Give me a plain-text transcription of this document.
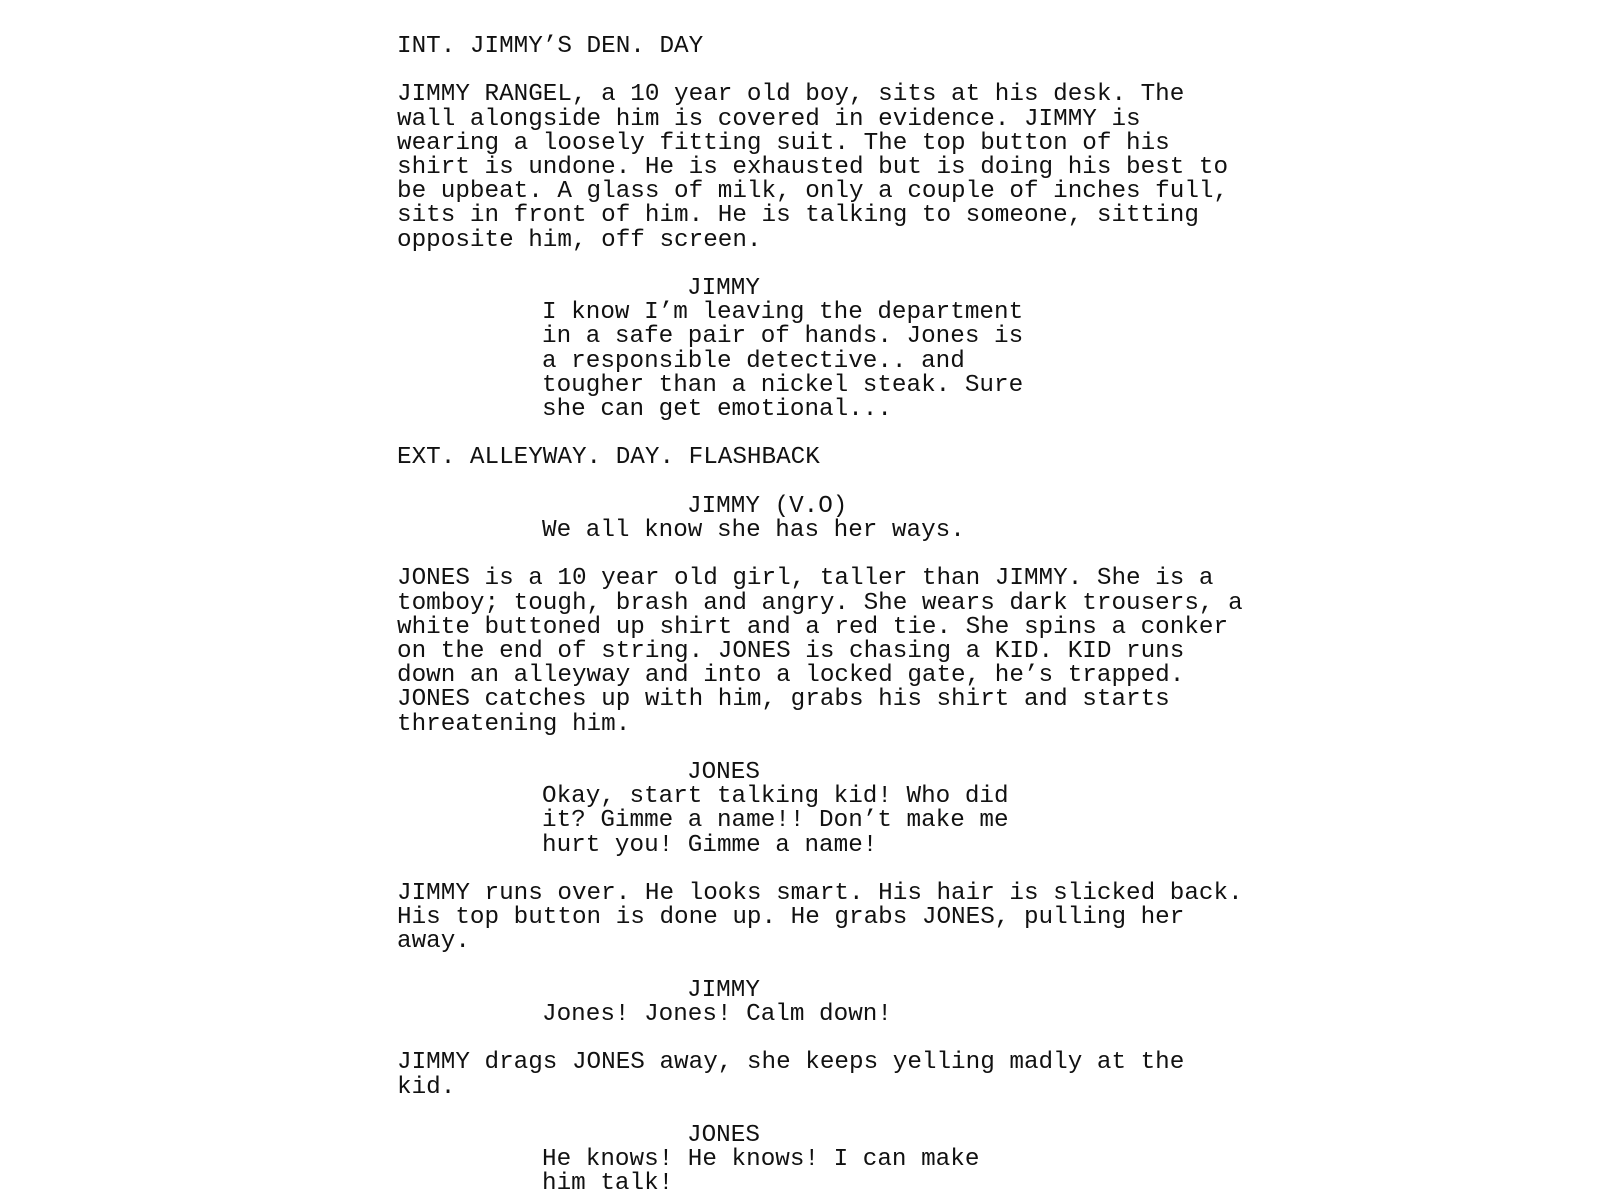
INT. JIMMY’S DEN. DAY
JIMMY RANGEL, a 10 year old boy, sits at his desk. The
wall alongside him is covered in evidence. JIMMY is
wearing a loosely fitting suit. The top button of his
shirt is undone. He is exhausted but is doing his best to
be upbeat. A glass of milk, only a couple of inches full,
sits in front of him. He is talking to someone, sitting
opposite him, off screen.
JIMMY
I know I’m leaving the department
in a safe pair of hands. Jones is
a responsible detective.. and
tougher than a nickel steak. Sure
she can get emotional...
EXT. ALLEYWAY. DAY. FLASHBACK
JIMMY (V.O)
We all know she has her ways.
JONES is a 10 year old girl, taller than JIMMY. She is a
tomboy; tough, brash and angry. She wears dark trousers, a
white buttoned up shirt and a red tie. She spins a conker
on the end of string. JONES is chasing a KID. KID runs
down an alleyway and into a locked gate, he’s trapped.
JONES catches up with him, grabs his shirt and starts
threatening him.
JONES
Okay, start talking kid! Who did
it? Gimme a name!! Don’t make me
hurt you! Gimme a name!
JIMMY runs over. He looks smart. His hair is slicked back.
His top button is done up. He grabs JONES, pulling her
away.
JIMMY
Jones! Jones! Calm down!
JIMMY drags JONES away, she keeps yelling madly at the
kid.
JONES
He knows! He knows! I can make
him talk!
